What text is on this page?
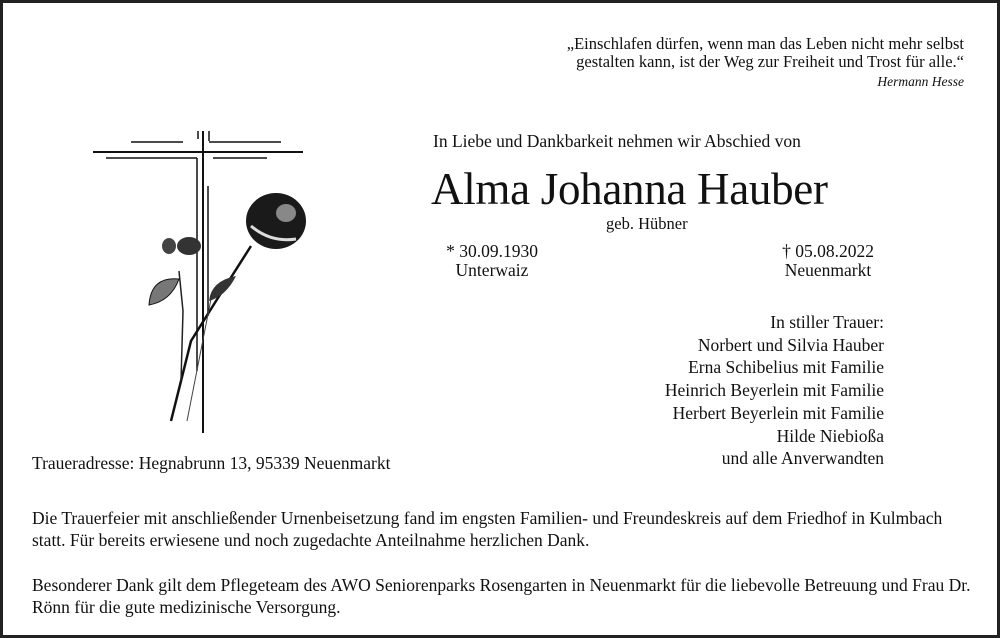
„Einschlafen dürfen, wenn man das Leben nicht mehr selbst
gestalten kann, ist der Weg zur Freiheit und Trost für alle.“
Hermann Hesse
In Liebe und Dankbarkeit nehmen wir Abschied von
Alma Johanna Hauber
geb. Hübner
* 30.09.1930
Unterwaiz
† 05.08.2022
Neuenmarkt
In stiller Trauer:
Norbert und Silvia Hauber
Erna Schibelius mit Familie
Heinrich Beyerlein mit Familie
Herbert Beyerlein mit Familie
Hilde Niebioßa
und alle Anverwandten
Traueradresse: Hegnabrunn 13, 95339 Neuenmarkt
Die Trauerfeier mit anschließender Urnenbeisetzung fand im engsten Familien- und Freundeskreis auf dem Friedhof in Kulmbach statt. Für bereits erwiesene und noch zugedachte Anteilnahme herzlichen Dank.
Besonderer Dank gilt dem Pflegeteam des AWO Seniorenparks Rosengarten in Neuenmarkt für die liebevolle Betreuung und Frau Dr. Rönn für die gute medizinische Versorgung.
